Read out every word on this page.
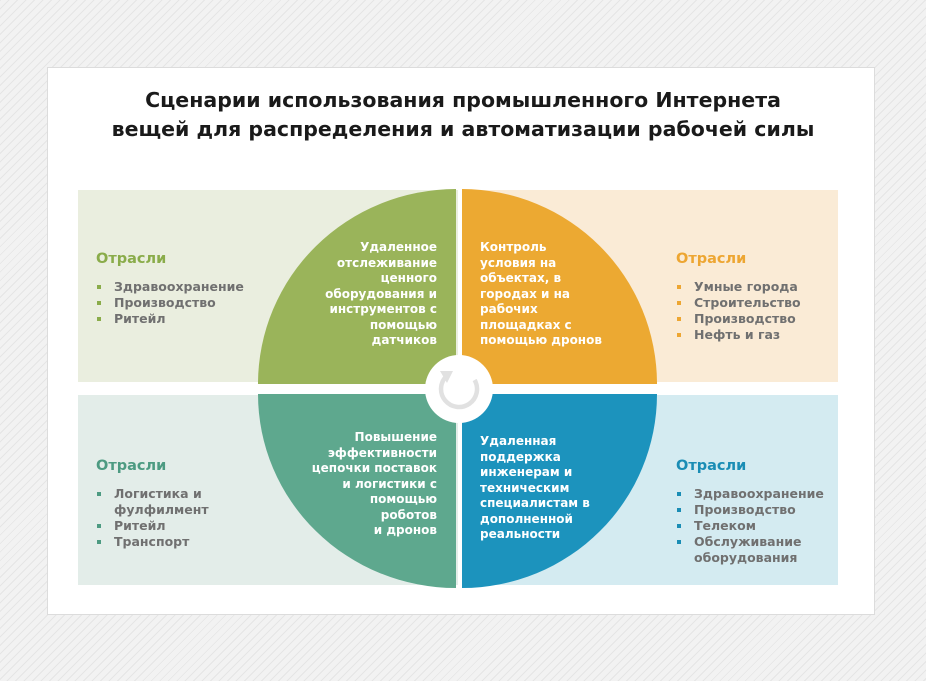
Сценарии использования промышленного Интернета
вещей для распределения и автоматизации рабочей силы
Удаленное
отслеживание
ценного
оборудования и
инструментов с
помощью
датчиков
Контроль
условия на
объектах, в
городах и на
рабочих
площадках с
помощью дронов
Повышение
эффективности
цепочки поставок
и логистики с
помощью
роботов
и дронов
Удаленная
поддержка
инженерам и
техническим
специалистам в
дополненной
реальности
Отрасли
Здравоохранение
Производство
Ритейл
Отрасли
Умные города
Строительство
Производство
Нефть и газ
Отрасли
Логистика и
фулфилмент
Ритейл
Транспорт
Отрасли
Здравоохранение
Производство
Телеком
Обслуживание
оборудования
